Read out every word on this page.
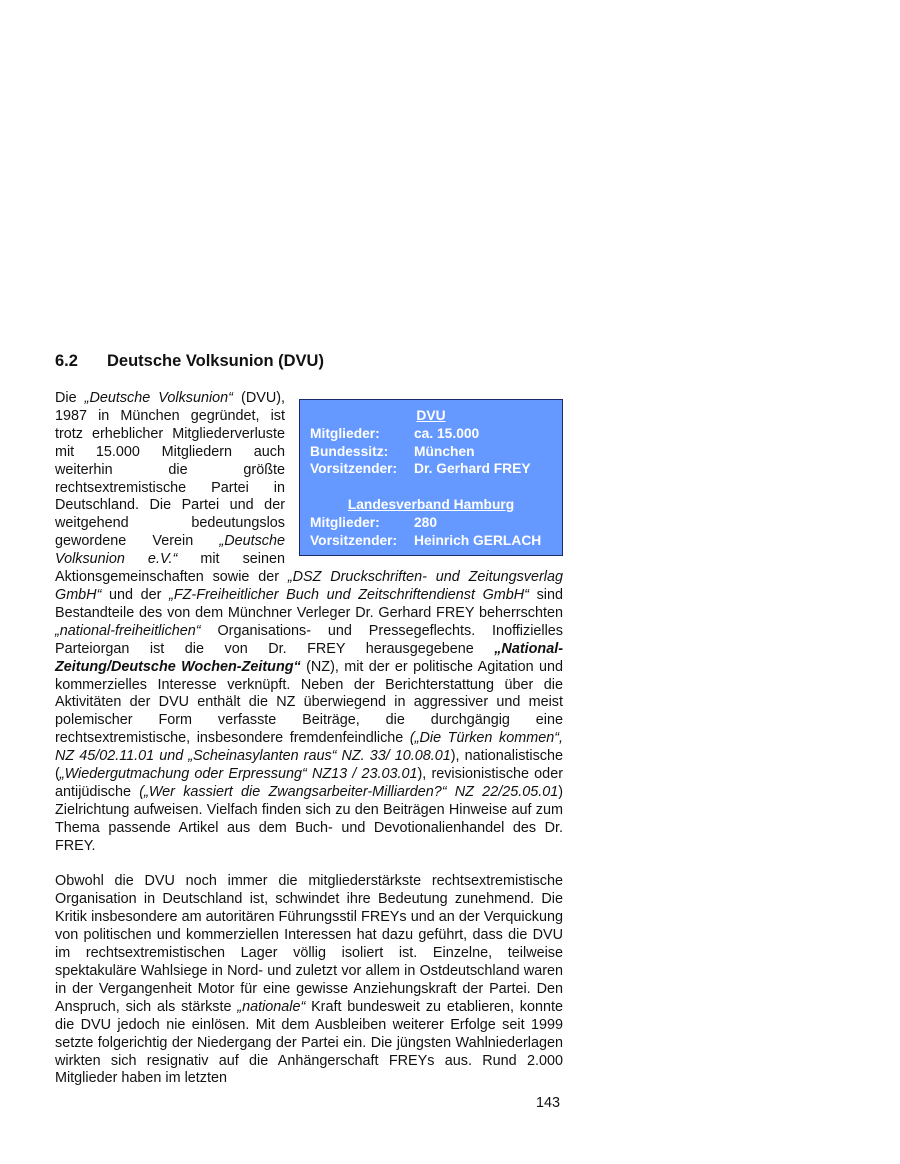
6.2 Deutsche Volksunion (DVU)
DVU
Mitglieder: ca. 15.000
Bundessitz: München
Vorsitzender: Dr. Gerhard FREY
Landesverband Hamburg
Mitglieder: 280
Vorsitzender: Heinrich GERLACH

Die „Deutsche Volksunion“ (DVU), 1987 in München gegründet, ist trotz erheblicher Mitgliederverluste mit 15.000 Mitgliedern auch weiterhin die größte rechtsextremistische Partei in Deutschland. Die Partei und der weitgehend bedeutungslos gewordene Verein „Deutsche Volksunion e.V.“ mit seinen Aktionsgemeinschaften sowie der „DSZ Druckschriften- und Zeitungsverlag GmbH“ und der „FZ-Freiheitlicher Buch und Zeitschriftendienst GmbH“ sind Bestandteile des von dem Münchner Verleger Dr. Gerhard FREY beherrschten „national-freiheitlichen“ Organisations- und Pressegeflechts. Inoffizielles Parteiorgan ist die von Dr. FREY herausgegebene „National-Zeitung/Deutsche Wochen-Zeitung“ (NZ), mit der er politische Agitation und kommerzielles Interesse verknüpft. Neben der Berichterstattung über die Aktivitäten der DVU enthält die NZ überwiegend in aggressiver und meist polemischer Form verfasste Beiträge, die durchgängig eine rechtsextremistische, insbesondere fremdenfeindliche („Die Türken kommen“, NZ 45/02.11.01 und „Scheinasylanten raus“ NZ. 33/ 10.08.01), nationalistische („Wiedergutmachung oder Erpressung“ NZ13 / 23.03.01), revisionistische oder antijüdische („Wer kassiert die Zwangsarbeiter-Milliarden?“ NZ 22/25.05.01) Zielrichtung aufweisen. Vielfach finden sich zu den Beiträgen Hinweise auf zum Thema passende Artikel aus dem Buch- und Devotionalienhandel des Dr. FREY.

Obwohl die DVU noch immer die mitgliederstärkste rechtsextremistische Organisation in Deutschland ist, schwindet ihre Bedeutung zunehmend. Die Kritik insbesondere am autoritären Führungsstil FREYs und an der Verquickung von politischen und kommerziellen Interessen hat dazu geführt, dass die DVU im rechtsextremistischen Lager völlig isoliert ist. Einzelne, teilweise spektakuläre Wahlsiege in Nord- und zuletzt vor allem in Ostdeutschland waren in der Vergangenheit Motor für eine gewisse Anziehungskraft der Partei. Den Anspruch, sich als stärkste „nationale“ Kraft bundesweit zu etablieren, konnte die DVU jedoch nie einlösen. Mit dem Ausbleiben weiterer Erfolge seit 1999 setzte folgerichtig der Niedergang der Partei ein. Die jüngsten Wahlniederlagen wirkten sich resignativ auf die Anhängerschaft FREYs aus. Rund 2.000 Mitglieder haben im letzten

143
